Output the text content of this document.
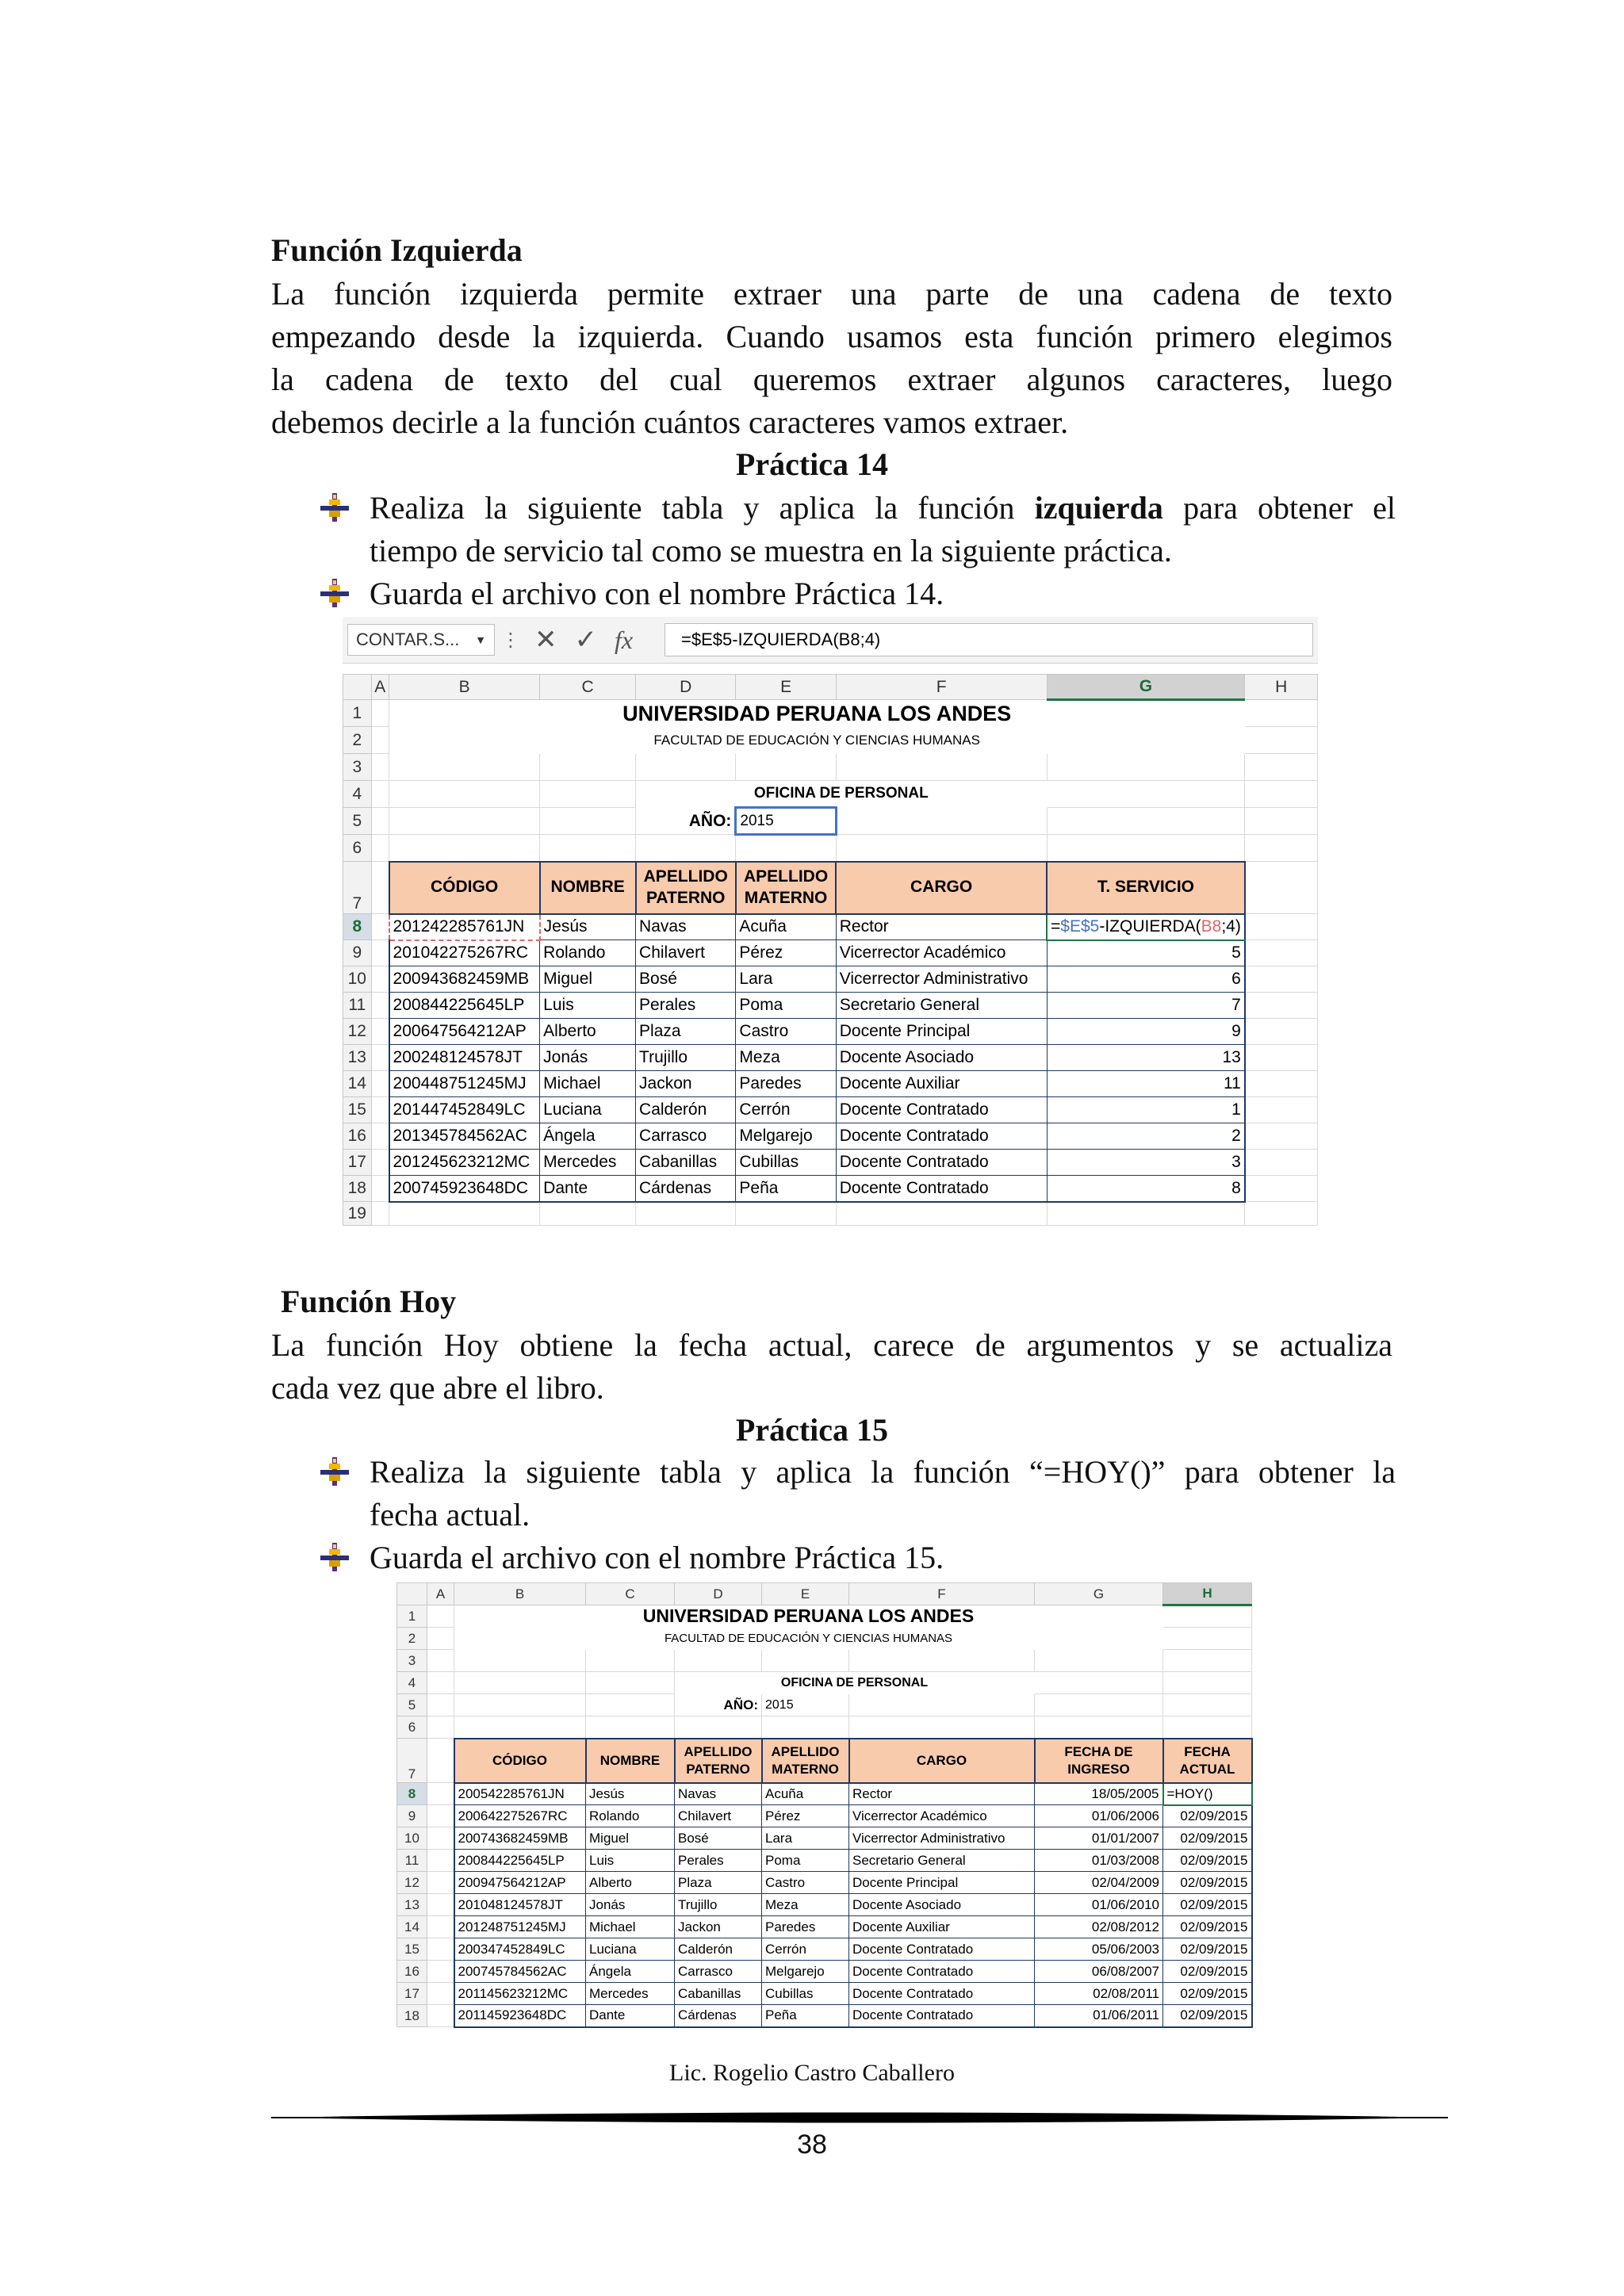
Función Izquierda
La función izquierda permite extraer una parte de una cadena de texto
empezando desde la izquierda. Cuando usamos esta función primero elegimos
la cadena de texto del cual queremos extraer algunos caracteres, luego
debemos decirle a la función cuántos caracteres vamos extraer.
Práctica 14
Realiza la siguiente tabla y aplica la función izquierda para obtener el
tiempo de servicio tal como se muestra en la siguiente práctica.
Guarda el archivo con el nombre Práctica 14.
CONTAR.S... ▼ ⋮ ✕ ✓ fx	=$E$5-IZQUIERDA(B8;4)
	A	B	C	D	E	F	G	H
1		UNIVERSIDAD PERUANA LOS ANDES						
2		FACULTAD DE EDUCACIÓN Y CIENCIAS HUMANAS						
3								
4				OFICINA DE PERSONAL				
5				AÑO:	2015			
6								
7		CÓDIGO	NOMBRE	APELLIDO PATERNO	APELLIDO MATERNO	CARGO	T. SERVICIO	
8		201242285761JN	Jesús	Navas	Acuña	Rector	=$E$5-IZQUIERDA(B8;4)	
9		201042275267RC	Rolando	Chilavert	Pérez	Vicerrector Académico	5	
10		200943682459MB	Miguel	Bosé	Lara	Vicerrector Administrativo	6	
11		200844225645LP	Luis	Perales	Poma	Secretario General	7	
12		200647564212AP	Alberto	Plaza	Castro	Docente Principal	9	
13		200248124578JT	Jonás	Trujillo	Meza	Docente Asociado	13	
14		200448751245MJ	Michael	Jackon	Paredes	Docente Auxiliar	11	
15		201447452849LC	Luciana	Calderón	Cerrón	Docente Contratado	1	
16		201345784562AC	Ángela	Carrasco	Melgarejo	Docente Contratado	2	
17		201245623212MC	Mercedes	Cabanillas	Cubillas	Docente Contratado	3	
18		200745923648DC	Dante	Cárdenas	Peña	Docente Contratado	8	
19								
Función Hoy
La función Hoy obtiene la fecha actual, carece de argumentos y se actualiza
cada vez que abre el libro.
Práctica 15
Realiza la siguiente tabla y aplica la función “=HOY()” para obtener la
fecha actual.
Guarda el archivo con el nombre Práctica 15.
	A	B	C	D	E	F	G	H	
1		UNIVERSIDAD PERUANA LOS ANDES							
2		FACULTAD DE EDUCACIÓN Y CIENCIAS HUMANAS							
3									
4				OFICINA DE PERSONAL					
5				AÑO:	2015				
6									
7		CÓDIGO	NOMBRE	APELLIDO PATERNO	APELLIDO MATERNO	CARGO	FECHA DE INGRESO	FECHA ACTUAL	
8		200542285761JN	Jesús	Navas	Acuña	Rector	18/05/2005	=HOY()	
9		200642275267RC	Rolando	Chilavert	Pérez	Vicerrector Académico	01/06/2006	02/09/2015	
10		200743682459MB	Miguel	Bosé	Lara	Vicerrector Administrativo	01/01/2007	02/09/2015	
11		200844225645LP	Luis	Perales	Poma	Secretario General	01/03/2008	02/09/2015	
12		200947564212AP	Alberto	Plaza	Castro	Docente Principal	02/04/2009	02/09/2015	
13		201048124578JT	Jonás	Trujillo	Meza	Docente Asociado	01/06/2010	02/09/2015	
14		201248751245MJ	Michael	Jackon	Paredes	Docente Auxiliar	02/08/2012	02/09/2015	
15		200347452849LC	Luciana	Calderón	Cerrón	Docente Contratado	05/06/2003	02/09/2015	
16		200745784562AC	Ángela	Carrasco	Melgarejo	Docente Contratado	06/08/2007	02/09/2015	
17		201145623212MC	Mercedes	Cabanillas	Cubillas	Docente Contratado	02/08/2011	02/09/2015	
18		201145923648DC	Dante	Cárdenas	Peña	Docente Contratado	01/06/2011	02/09/2015	
Lic. Rogelio Castro Caballero
38
